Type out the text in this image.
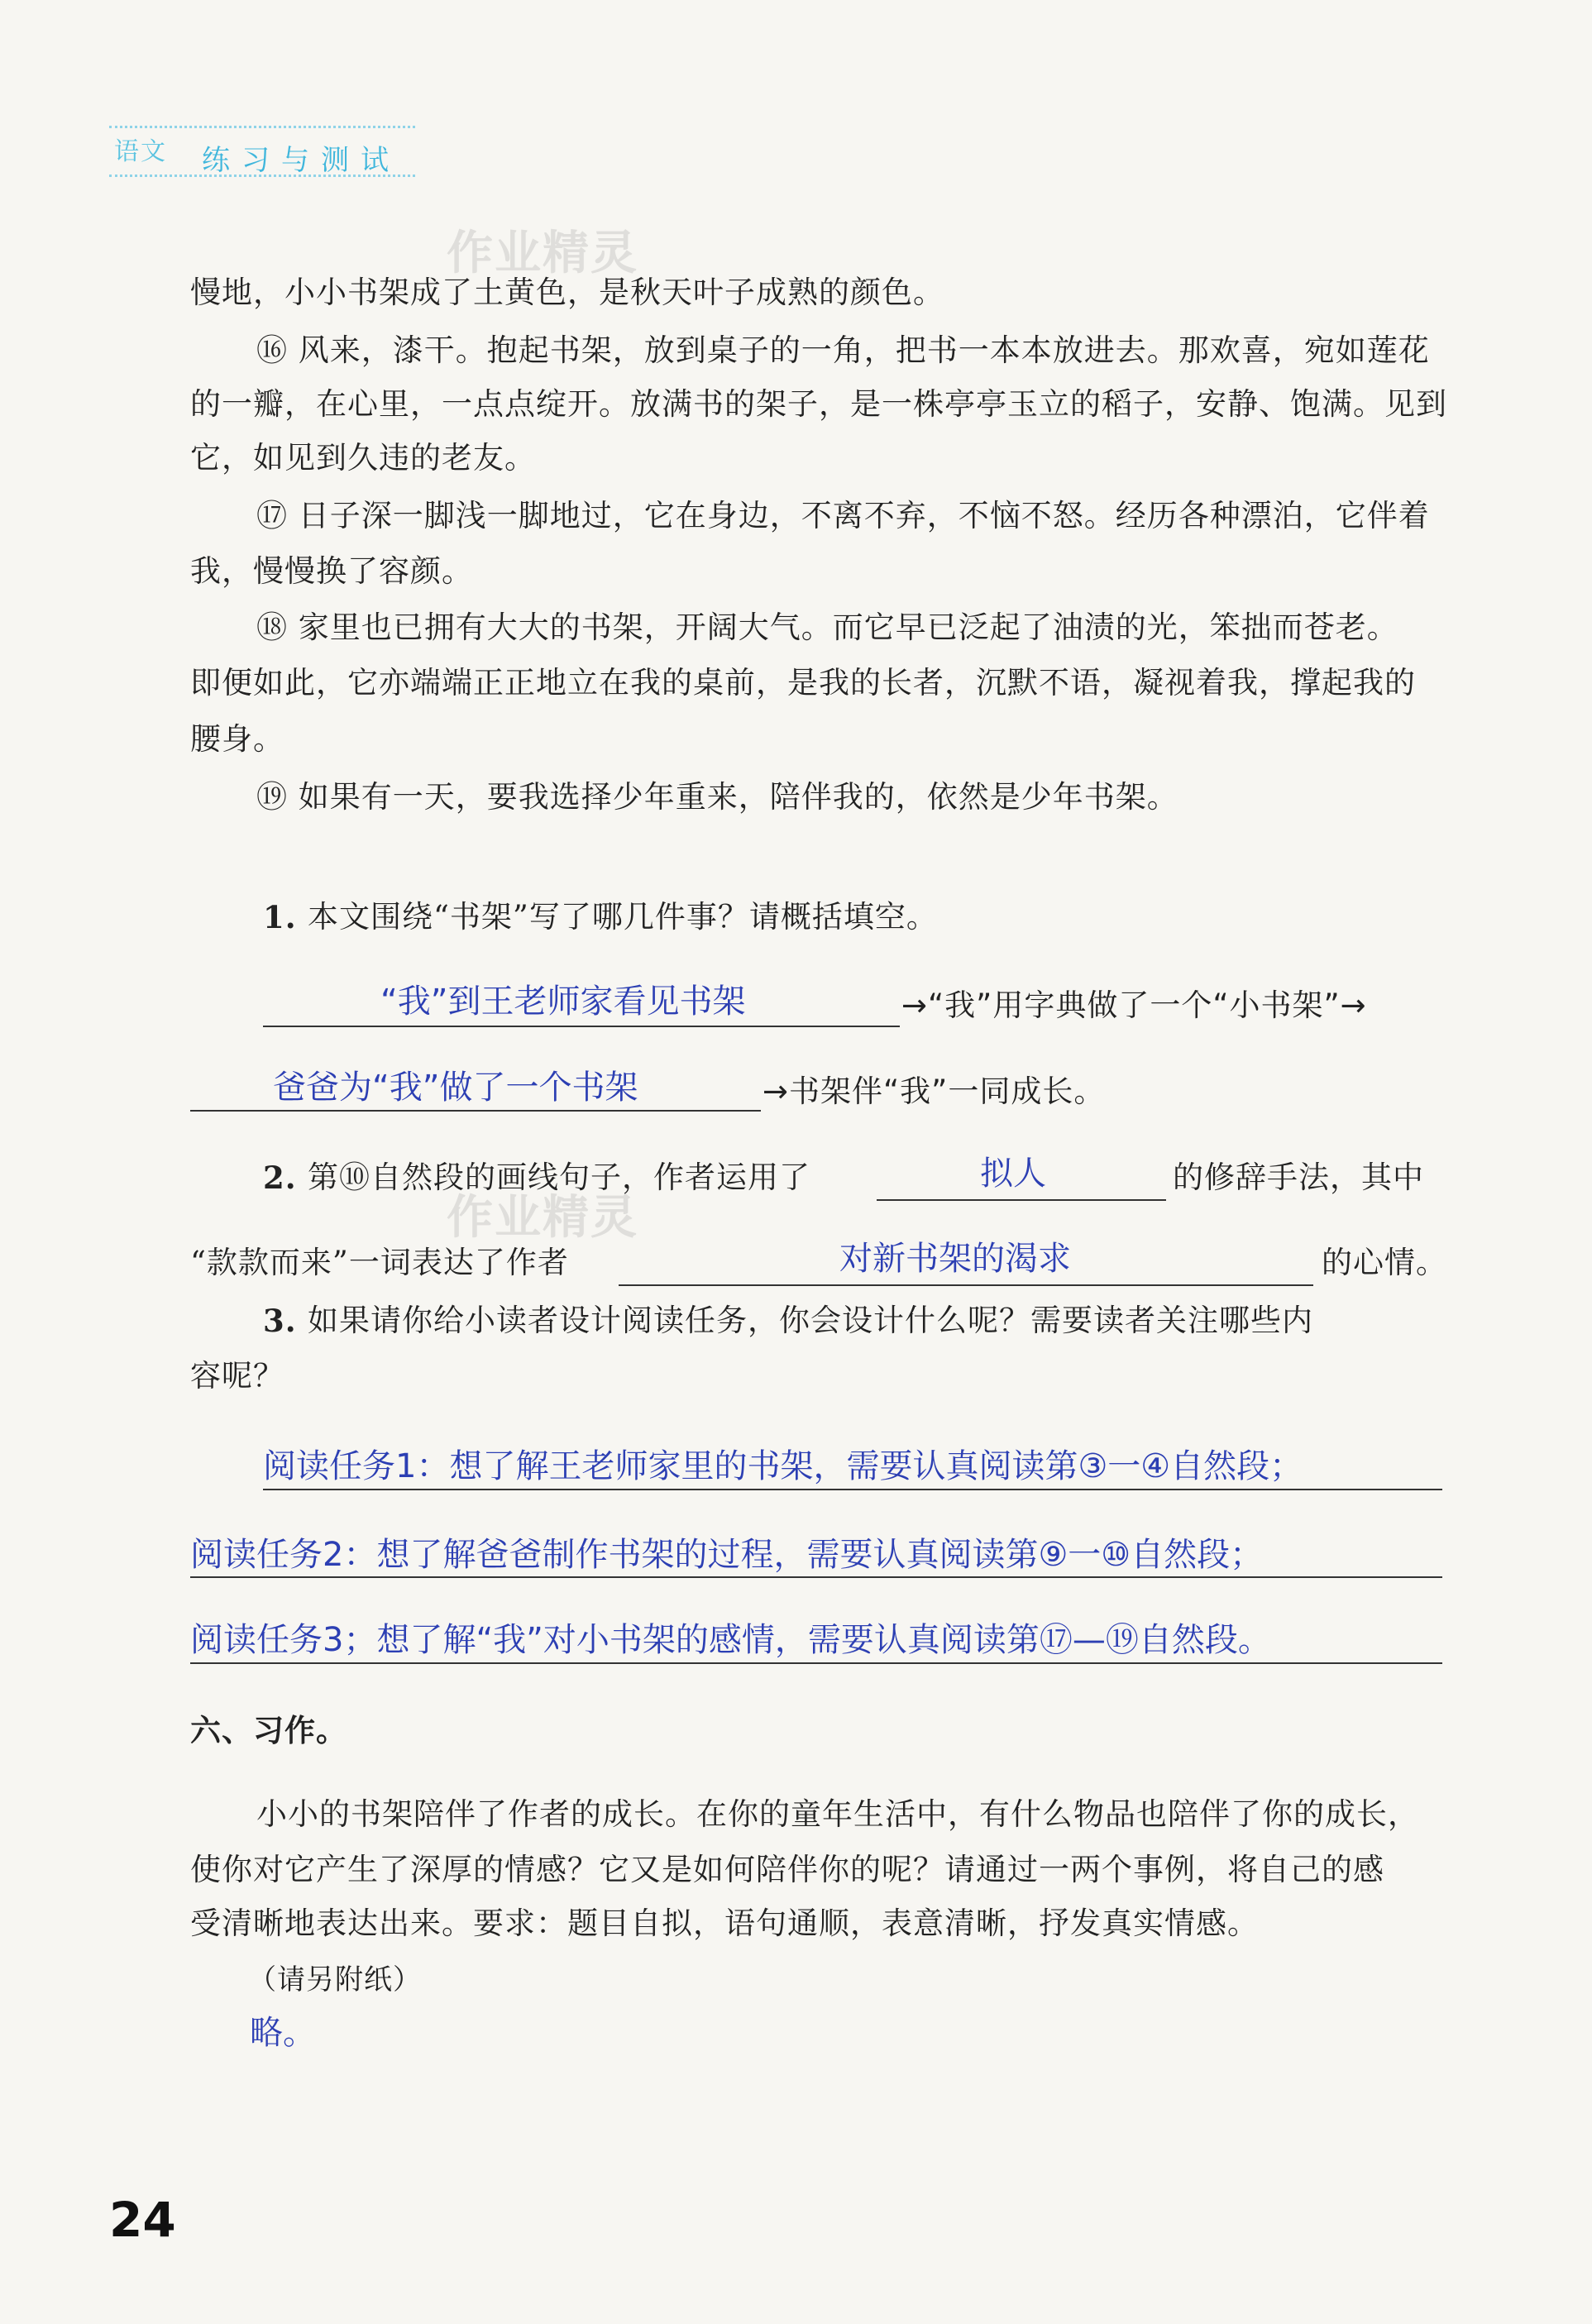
语文 练习与测试
作业精灵
作业精灵
慢地，小小书架成了土黄色，是秋天叶子成熟的颜色。
⑯ 风来，漆干。抱起书架，放到桌子的一角，把书一本本放进去。那欢喜，宛如莲花
的一瓣，在心里，一点点绽开。放满书的架子，是一株亭亭玉立的稻子，安静、饱满。见到
它，如见到久违的老友。
⑰ 日子深一脚浅一脚地过，它在身边，不离不弃，不恼不怒。经历各种漂泊，它伴着
我，慢慢换了容颜。
⑱ 家里也已拥有大大的书架，开阔大气。而它早已泛起了油渍的光，笨拙而苍老。
即便如此，它亦端端正正地立在我的桌前，是我的长者，沉默不语，凝视着我，撑起我的
腰身。
⑲ 如果有一天，要我选择少年重来，陪伴我的，依然是少年书架。
1. 本文围绕“书架”写了哪几件事？请概括填空。
“我”到王老师家看见书架	→“我”用字典做了一个“小书架”→
爸爸为“我”做了一个书架	→书架伴“我”一同成长。
2. 第⑩自然段的画线句子，作者运用了	拟人	的修辞手法，其中
“款款而来”一词表达了作者	对新书架的渴求	的心情。
3. 如果请你给小读者设计阅读任务，你会设计什么呢？需要读者关注哪些内
容呢？
阅读任务1：想了解王老师家里的书架，需要认真阅读第③一④自然段；
阅读任务2：想了解爸爸制作书架的过程，需要认真阅读第⑨一⑩自然段；
阅读任务3；想了解“我”对小书架的感情，需要认真阅读第⑰—⑲自然段。
六、习作。
小小的书架陪伴了作者的成长。在你的童年生活中，有什么物品也陪伴了你的成长，
使你对它产生了深厚的情感？它又是如何陪伴你的呢？请通过一两个事例，将自己的感
受清晰地表达出来。要求：题目自拟，语句通顺，表意清晰，抒发真实情感。
（请另附纸）
略。
24
